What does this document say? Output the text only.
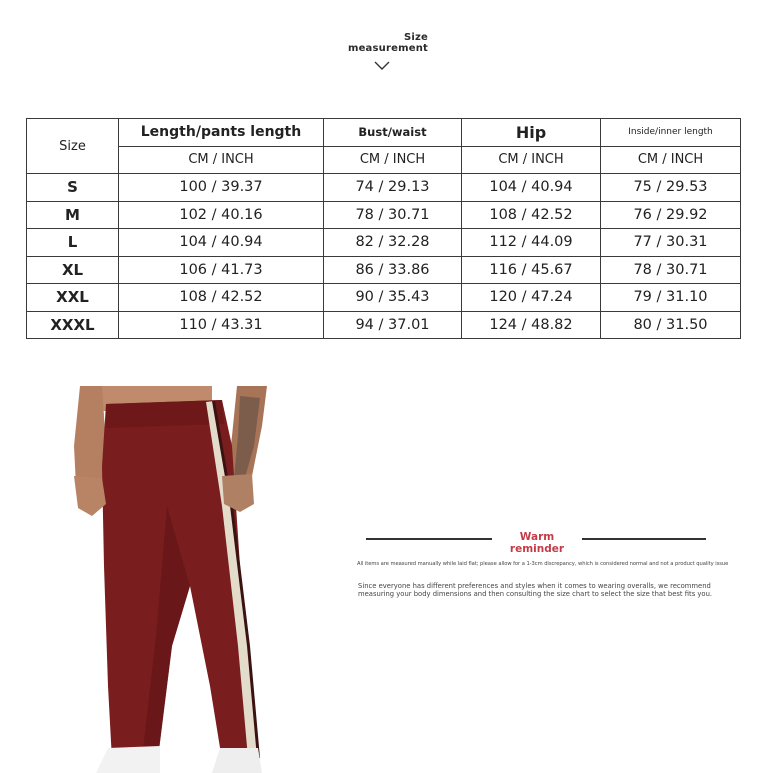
Size
measurement
Size	Length/pants length	Bust/waist	Hip	Inside/inner length
	CM / INCH	CM / INCH	CM / INCH	CM / INCH
S	100 / 39.37	74 / 29.13	104 / 40.94	75 / 29.53
M	102 / 40.16	78 / 30.71	108 / 42.52	76 / 29.92
L	104 / 40.94	82 / 32.28	112 / 44.09	77 / 30.31
XL	106 / 41.73	86 / 33.86	116 / 45.67	78 / 30.71
XXL	108 / 42.52	90 / 35.43	120 / 47.24	79 / 31.10
XXXL	110 / 43.31	94 / 37.01	124 / 48.82	80 / 31.50
Warm reminder
All items are measured manually while laid flat; please allow for a 1-3cm discrepancy, which is considered normal and not a product quality issue
Since everyone has different preferences and styles when it comes to wearing overalls, we recommend measuring your body dimensions and then consulting the size chart to select the size that best fits you.
